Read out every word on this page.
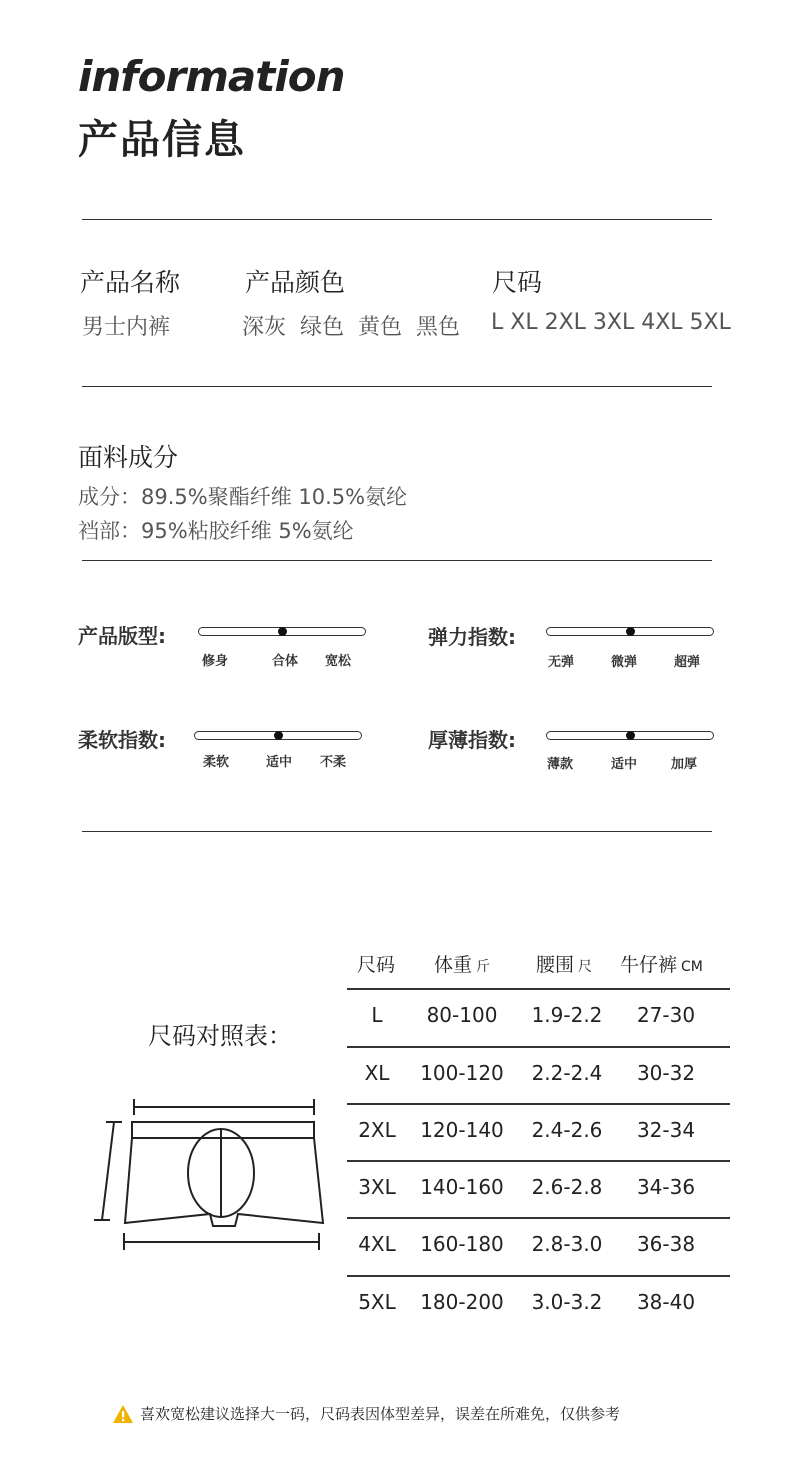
information
产品信息
产品名称	产品颜色	尺码
男士内裤	深灰  绿色  黄色  黑色 L XL 2XL 3XL 4XL 5XL
面料成分
成分：89.5%聚酯纤维 10.5%氨纶
裆部：95%粘胶纤维 5%氨纶
产品版型:
修身	合体 宽松
弹力指数:
无弹	微弹	超弹
柔软指数:
柔软	适中 不柔
厚薄指数:
薄款	适中	加厚
尺码对照表：
尺码 体重 斤 腰围 尺 牛仔裤 CM
L	80-100	1.9-2.2	27-30
XL	100-120	2.2-2.4	30-32
2XL	120-140	2.4-2.6	32-34
3XL	140-160	2.6-2.8	34-36
4XL	160-180	2.8-3.0	36-38
5XL	180-200	3.0-3.2	38-40
喜欢宽松建议选择大一码，尺码表因体型差异，误差在所难免，仅供参考
